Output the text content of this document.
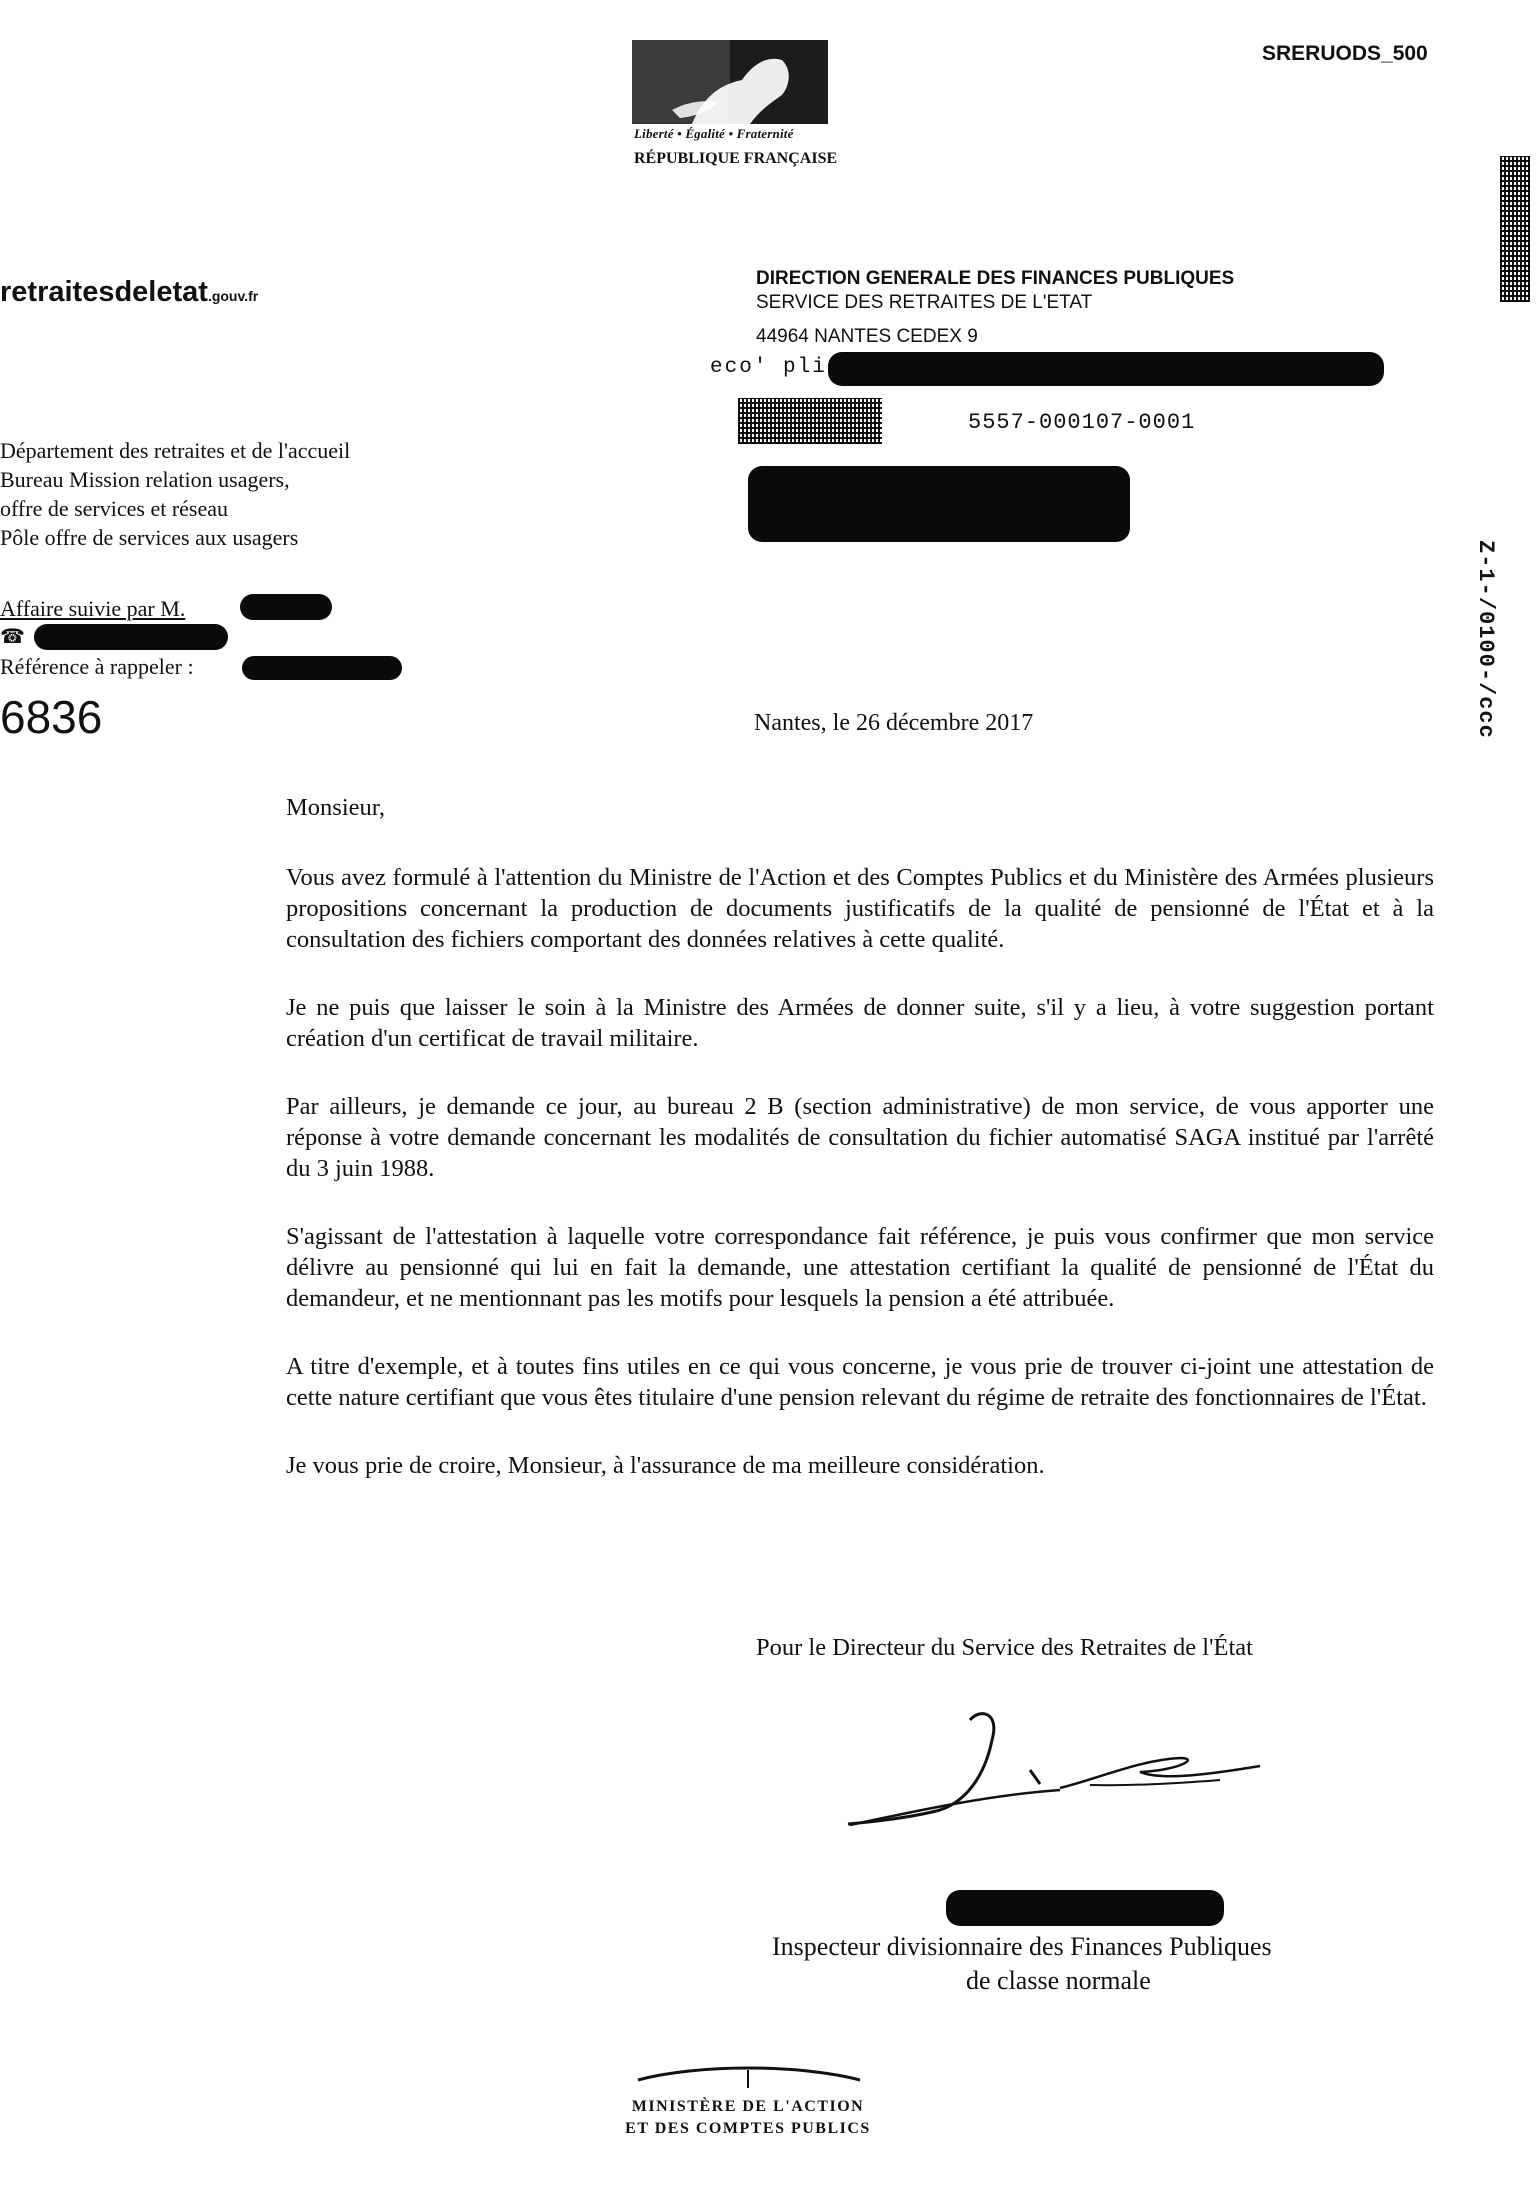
Liberté • Égalité • Fraternité
RÉPUBLIQUE FRANÇAISE
SRERUODS_500
Z-1-/0100-/ccc
retraitesdeletat.gouv.fr
DIRECTION GENERALE DES FINANCES PUBLIQUES
SERVICE DES RETRAITES DE L'ETAT
44964 NANTES CEDEX 9
eco' pli
5557-000107-0001
Département des retraites et de l'accueil
Bureau Mission relation usagers,
offre de services et réseau
Pôle offre de services aux usagers
Affaire suivie par M.
☎
Référence à rappeler :
6836	Nantes, le 26 décembre 2017
Monsieur,

Vous avez formulé à l'attention du Ministre de l'Action et des Comptes Publics et du Ministère des Armées plusieurs propositions concernant la production de documents justificatifs de la qualité de pensionné de l'État et à la consultation des fichiers comportant des données relatives à cette qualité.

Je ne puis que laisser le soin à la Ministre des Armées de donner suite, s'il y a lieu, à votre suggestion portant création d'un certificat de travail militaire.

Par ailleurs, je demande ce jour, au bureau 2 B (section administrative) de mon service, de vous apporter une réponse à votre demande concernant les modalités de consultation du fichier automatisé SAGA institué par l'arrêté du 3 juin 1988.

S'agissant de l'attestation à laquelle votre correspondance fait référence, je puis vous confirmer que mon service délivre au pensionné qui lui en fait la demande, une attestation certifiant la qualité de pensionné de l'État du demandeur, et ne mentionnant pas les motifs pour lesquels la pension a été attribuée.

A titre d'exemple, et à toutes fins utiles en ce qui vous concerne, je vous prie de trouver ci-joint une attestation de cette nature certifiant que vous êtes titulaire d'une pension relevant du régime de retraite des fonctionnaires de l'État.

Je vous prie de croire, Monsieur, à l'assurance de ma meilleure considération.

Pour le Directeur du Service des Retraites de l'État
Inspecteur divisionnaire des Finances Publiques
de classe normale
MINISTÈRE DE L'ACTION
ET DES COMPTES PUBLICS
